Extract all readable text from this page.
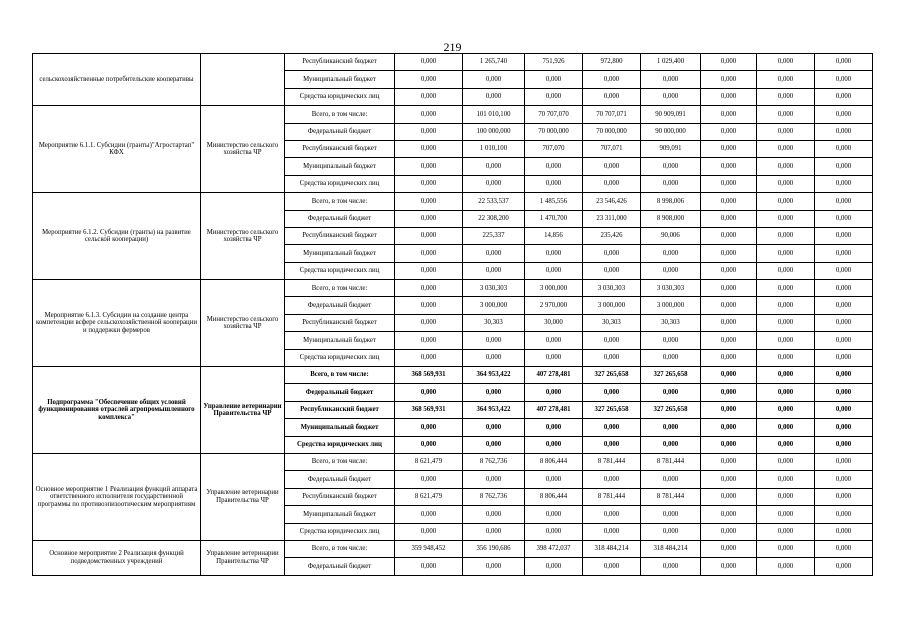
219
сельскохозяйственные потребительские кооперативы		Республиканский бюджет	0,000	1 265,740	751,926	972,800	1 029,400	0,000	0,000	0,000
		Муниципальный бюджет	0,000	0,000	0,000	0,000	0,000	0,000	0,000	0,000
		Средства юридических лиц	0,000	0,000	0,000	0,000	0,000	0,000	0,000	0,000
Мероприятие 6.1.1. Субсидии (гранты)"Агростартап" КФХ	Министерство сельского хозяйства ЧР	Всего, в том числе:	0,000	101 010,100	70 707,070	70 707,071	90 909,091	0,000	0,000	0,000
		Федеральный бюджет	0,000	100 000,000	70 000,000	70 000,000	90 000,000	0,000	0,000	0,000
		Республиканский бюджет	0,000	1 010,100	707,070	707,071	909,091	0,000	0,000	0,000
		Муниципальный бюджет	0,000	0,000	0,000	0,000	0,000	0,000	0,000	0,000
		Средства юридических лиц	0,000	0,000	0,000	0,000	0,000	0,000	0,000	0,000
Мероприятие 6.1.2. Субсидии (гранты) на развитие сельской кооперации)	Министерство сельского хозяйства ЧР	Всего, в том числе:	0,000	22 533,537	1 485,556	23 546,426	8 998,006	0,000	0,000	0,000
		Федеральный бюджет	0,000	22 308,200	1 470,700	23 311,000	8 908,000	0,000	0,000	0,000
		Республиканский бюджет	0,000	225,337	14,856	235,426	90,006	0,000	0,000	0,000
		Муниципальный бюджет	0,000	0,000	0,000	0,000	0,000	0,000	0,000	0,000
		Средства юридических лиц	0,000	0,000	0,000	0,000	0,000	0,000	0,000	0,000
Мероприятие 6.1.3. Субсидии на создание центра компетенции всфере сельскохозяйственной кооперации и поддержки фермеров	Министерство сельского хозяйства ЧР	Всего, в том числе:	0,000	3 030,303	3 000,000	3 030,303	3 030,303	0,000	0,000	0,000
		Федеральный бюджет	0,000	3 000,000	2 970,000	3 000,000	3 000,000	0,000	0,000	0,000
		Республиканский бюджет	0,000	30,303	30,000	30,303	30,303	0,000	0,000	0,000
		Муниципальный бюджет	0,000	0,000	0,000	0,000	0,000	0,000	0,000	0,000
		Средства юридических лиц	0,000	0,000	0,000	0,000	0,000	0,000	0,000	0,000
Подпрограмма "Обеспечение общих условий функционирования отраслей агропромышленного комплекса"	Управление ветеринарии Правительства ЧР	Всего, в том числе:	368 569,931	364 953,422	407 278,481	327 265,658	327 265,658	0,000	0,000	0,000
		Федеральный бюджет	0,000	0,000	0,000	0,000	0,000	0,000	0,000	0,000
		Республиканский бюджет	368 569,931	364 953,422	407 278,481	327 265,658	327 265,658	0,000	0,000	0,000
		Муниципальный бюджет	0,000	0,000	0,000	0,000	0,000	0,000	0,000	0,000
		Средства юридических лиц	0,000	0,000	0,000	0,000	0,000	0,000	0,000	0,000
Основное мероприятие 1 Реализация функций аппарата ответственного исполнителя государственной программы по противоэпизоотическим мероприятиям	Управление ветеринарии Правительства ЧР	Всего, в том числе:	8 621,479	8 762,736	8 806,444	8 781,444	8 781,444	0,000	0,000	0,000
		Федеральный бюджет	0,000	0,000	0,000	0,000	0,000	0,000	0,000	0,000
		Республиканский бюджет	8 621,479	8 762,736	8 806,444	8 781,444	8 781,444	0,000	0,000	0,000
		Муниципальный бюджет	0,000	0,000	0,000	0,000	0,000	0,000	0,000	0,000
		Средства юридических лиц	0,000	0,000	0,000	0,000	0,000	0,000	0,000	0,000
Основное мероприятие 2 Реализация функций подведомственных учреждений	Управление ветеринарии Правительства ЧР	Всего, в том числе:	359 948,452	356 190,686	398 472,037	318 484,214	318 484,214	0,000	0,000	0,000
		Федеральный бюджет	0,000	0,000	0,000	0,000	0,000	0,000	0,000	0,000
